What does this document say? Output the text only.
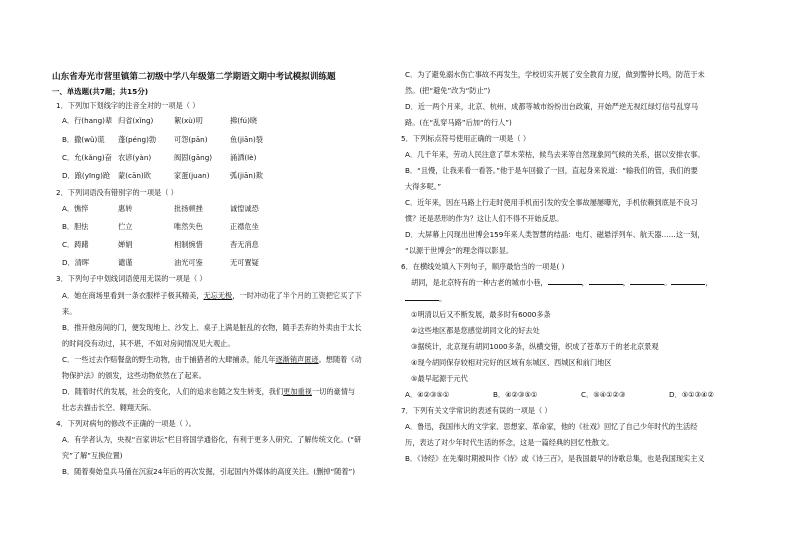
山东省寿光市营里镇第二初级中学八年级第二学期语文期中考试模拟训练题
一、单选题(共7题；共15分)
1．下列加下划线字的注音全对的一项是（ ）
A．行(hang)辈 归省(xǐng)	絮(xù)叨	拂(fú)晓
B．撒(wǔ)谎	蓬(péng)勃	可怨(pān)	鱼(jiān)裂
C．允(kǎng)奋 农谚(yàn)	阀固(gāng)	涌洒(lè)
D．踉(yīng)跄	蒙(cān)欧	家蛋(juan)	弧(jiān)欺
2．下列词语没有错别字的一项是（ ）
A．憔悴	惠转	批扬顿挫	诚惶诚恐
B．胆怯	伫立	唯然失色	正襟危坐
C．踌躇	婵娟	相制惋惜	杳无消息
D．清晖	谴谨	油光可鉴	无可置疑
3．下列句子中划线词语使用无误的一项是（ ）
A．她在商场里看到一条衣服样子极其精美，无忘无极，一时冲动花了半个月的工资把它买了下
来。
B．推开他房间的门，便发现地上、沙发上、桌子上满是脏乱的衣物，随手丢弃的外卖由于太长
的时间没有动过，其不堪，不如对房间情况见大观止。
C．一些过去作赔餐盘的野生动物，由于捕猎者的大肆捕杀，能几年逐渐销声匿迹。想随着《动
物保护法》的颁发，这些动物依然在了起来。
D．随着时代的发展，社会的变化，人们的追求也随之发生转变，我们更加重视一切的豪情与
壮志去描击长空、翱翔天际。
4．下列对病句的修改不正确的一项是（ ）。
A．有学者认为，央视“百家讲坛”栏目将国学通俗化，有利于更多人研究、了解传统文化。(“研
究”了解”互换位置)
B．随着奏始皇兵马俑在沉寂24年后的再次发掘，引起国内外媒体的高度关注。(删掉“随着”)
C．为了避免溺水伤亡事故不再发生，学校切实开展了安全教育力度，做到警钟长鸣，防范于未
然。(把“避免”改为“防止”)
D．近一两个月来，北京、杭州、成都等城市纷纷出台政策，开始严逆无视红绿灯信号乱穿马
路。(在“乱穿马路”后加“的行人”)
5．下列标点符号使用正确的一项是（ ）
A．几千年来，劳动人民注意了草木荣枯，候鸟去来等自然现象同气候的关系，据以安排农事。
B．“且慢，让我来看一看答。”他于是车回撤了一回，直起身来说道：“输我们的管，我们的要
大得多呢。”
C．近年来，因在马路上行走时使用手机而引发的安全事故屡屡曝光，手机依赖到底是不良习
惯？还是恶形的作为？这让人们不得不开始反思。
D．大屏幕上闪现出世博会159年来人类智慧的结晶：电灯、磁悬浮列车、航天器……这一刻，
“以源于世博会”的理念得以影显。
6．在横线处填入下列句子，顺序最恰当的一项是( )
胡同，是北京特有的一种古老的城市小巷，	，	，	。	，
。
①明清以后又不断发展，最多时有6000多条
②这些地区都是您感觉胡同文化的好去处
③据统计，北京现有胡同1000多条，纵横交错，织成了苍革万千的老北京景观
④现今胡同保存较相对完好的区域有东城区、西城区和前门地区
⑤最早起源于元代
A．④②③⑤①	B．④②③⑤①	C．⑤④①②③	D．⑤①③④②
7．下列有关文学常识的表述有误的一项是（ ）
A．鲁迅，我国伟大的文学家、思想家、革命家，他的《社戏》回忆了自己少年时代的生活经
历，表达了对少年时代生活的怀念，这是一篇经典的回忆性散文。
B．《诗经》在先秦时期被叫作《诗》或《诗三百》，是我国最早的诗歌总集，也是我国现实主义
